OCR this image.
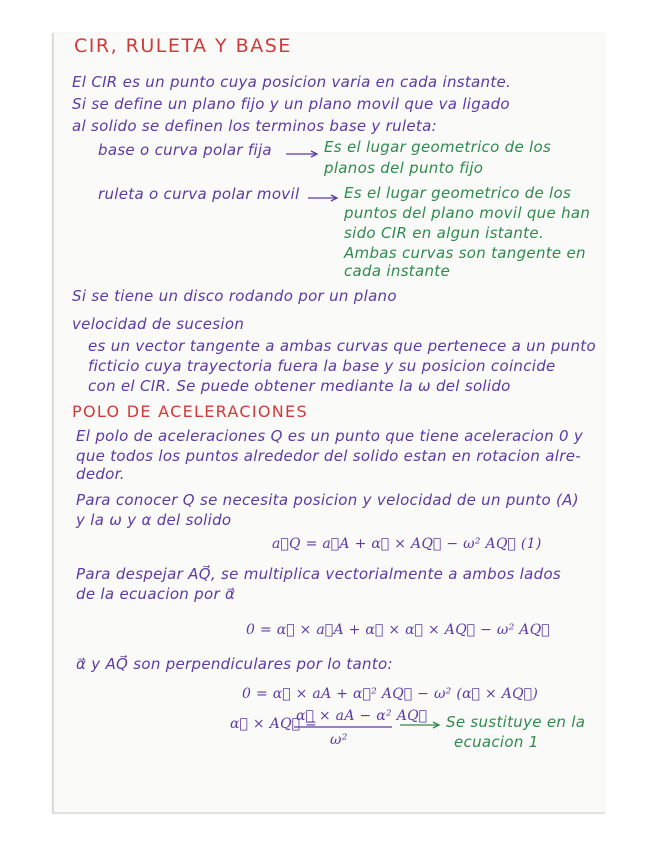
CIR, RULETA Y BASE
El CIR es un punto cuya posicion varia en cada instante.
Si se define un plano fijo y un plano movil que va ligado
al solido se definen los terminos base y ruleta:
base o curva polar fija	Es el lugar geometrico de los
planos del punto fijo
ruleta o curva polar movil	Es el lugar geometrico de los
puntos del plano movil que han
sido CIR en algun istante.
Ambas curvas son tangente en
cada instante
Si se tiene un disco rodando por un plano
velocidad de sucesion
es un vector tangente a ambas curvas que pertenece a un punto
ficticio cuya trayectoria fuera la base y su posicion coincide
con el CIR. Se puede obtener mediante la ω del solido
POLO DE ACELERACIONES
El polo de aceleraciones Q es un punto que tiene aceleracion 0 y
que todos los puntos alrededor del solido estan en rotacion alre-
dedor.
Para conocer Q se necesita posicion y velocidad de un punto (A)
y la ω y α del solido
a⃗Q = a⃗A + α⃗ × AQ⃗ − ω² AQ⃗ (1)
Para despejar AQ⃗, se multiplica vectorialmente a ambos lados
de la ecuacion por α⃗
0 = α⃗ × a⃗A + α⃗ × α⃗ × AQ⃗ − ω² AQ⃗
α⃗ y AQ⃗ son perpendiculares por lo tanto:
0 = α⃗ × aA + α⃗² AQ⃗ − ω² (α⃗ × AQ⃗)
α⃗ × AQ⃗ =
α⃗ × aA − α² AQ⃗
ω²
Se sustituye en la
ecuacion 1
